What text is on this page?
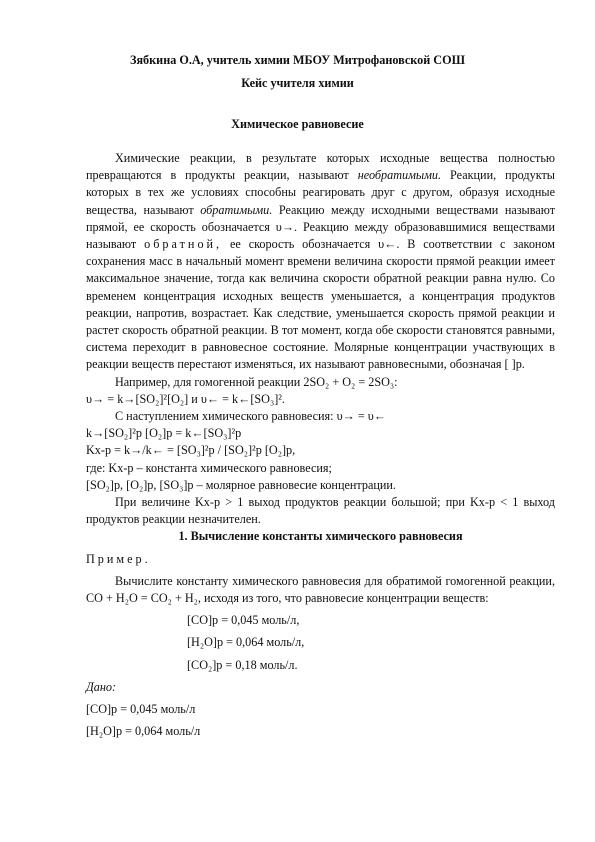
Зябкина О.А, учитель химии МБОУ Митрофановской СОШ
Кейс учителя химии
Химическое равновесие

Химические реакции, в результате которых исходные вещества полностью превращаются в продукты реакции, называют необратимыми. Реакции, продукты которых в тех же условиях способны реагировать друг с другом, образуя исходные вещества, называют обратимыми. Реакцию между исходными веществами называют прямой, ее скорость обозначается υ→. Реакцию между образовавшимися веществами называют обратной, ее скорость обозначается υ←. В соответствии с законом сохранения масс в начальный момент времени величина скорости прямой реакции имеет максимальное значение, тогда как величина скорости обратной реакции равна нулю. Со временем концентрация исходных веществ уменьшается, а концентрация продуктов реакции, напротив, возрастает. Как следствие, уменьшается скорость прямой реакции и растет скорость обратной реакции. В тот момент, когда обе скорости становятся равными, система переходит в равновесное состояние. Молярные концентрации участвующих в реакции веществ перестают изменяться, их называют равновесными, обозначая [ ]р.

Например, для гомогенной реакции 2SO₂ + O₂ = 2SO₃:

υ→ = k→[SO₂]²[O₂] и υ← = k←[SO₃]².

С наступлением химического равновесия: υ→ = υ←

k→[SO₂]²р [O₂]р = k←[SO₃]²р

Kх-р = k→/k← = [SO₃]²р / [SO₂]²р [O₂]р,

где: Kх-р – константа химического равновесия;

[SO₂]р, [O₂]р, [SO₃]р – молярное равновесие концентрации.

При величине Kх-р > 1 выход продуктов реакции большой; при Kх-р < 1 выход продуктов реакции незначителен.

1. Вычисление константы химического равновесия

Пример.

Вычислите константу химического равновесия для обратимой гомогенной реакции, CO + H₂O = CO₂ + H₂, исходя из того, что равновесие концентрации веществ:

[CO]р = 0,045 моль/л,

[H₂O]р = 0,064 моль/л,

[CO₂]р = 0,18 моль/л.

Дано:

[CO]р = 0,045 моль/л

[H₂O]р = 0,064 моль/л
